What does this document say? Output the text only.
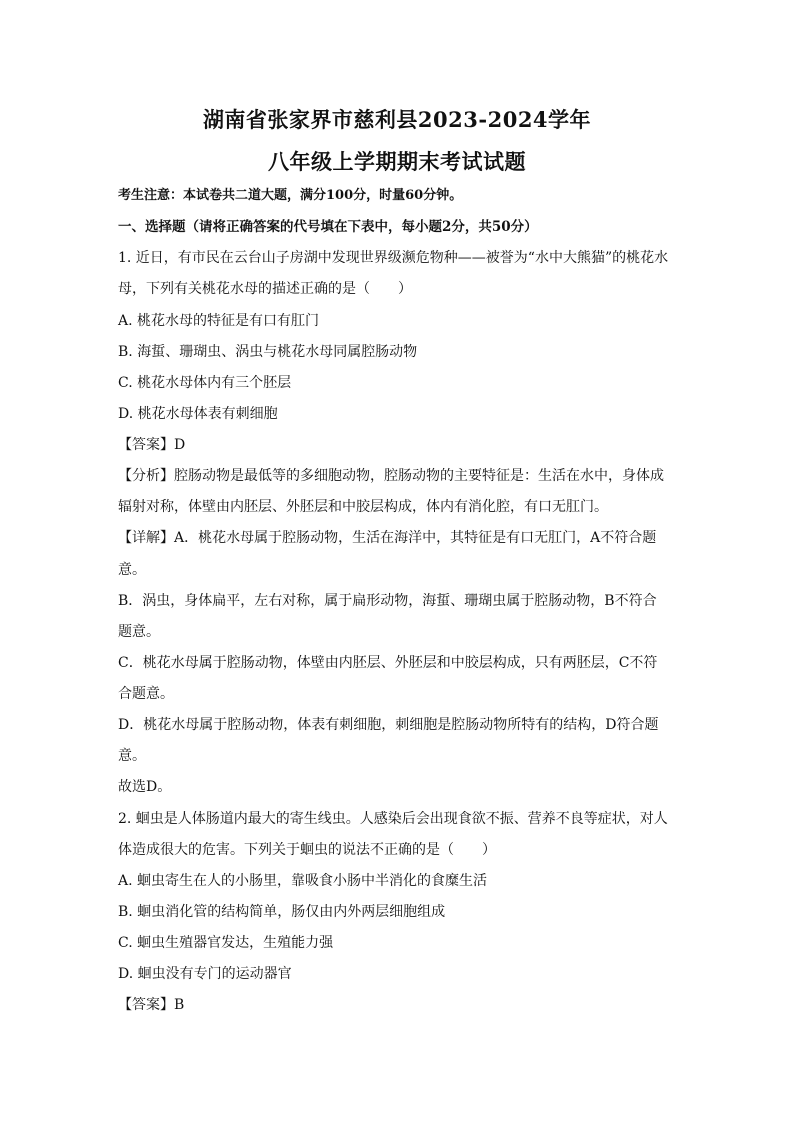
湖南省张家界市慈利县2023-2024学年
八年级上学期期末考试试题
考生注意：本试卷共二道大题，满分100分，时量60分钟。
一、选择题（请将正确答案的代号填在下表中，每小题2分，共50分）
1. 近日，有市民在云台山子房湖中发现世界级濒危物种——被誉为“水中大熊猫”的桃花水
母，下列有关桃花水母的描述正确的是（　　）
A. 桃花水母的特征是有口有肛门
B. 海蜇、珊瑚虫、涡虫与桃花水母同属腔肠动物
C. 桃花水母体内有三个胚层
D. 桃花水母体表有刺细胞
【答案】D
【分析】腔肠动物是最低等的多细胞动物，腔肠动物的主要特征是：生活在水中，身体成
辐射对称，体壁由内胚层、外胚层和中胶层构成，体内有消化腔，有口无肛门。
【详解】A．桃花水母属于腔肠动物，生活在海洋中，其特征是有口无肛门，A不符合题
意。
B．涡虫，身体扁平，左右对称，属于扁形动物，海蜇、珊瑚虫属于腔肠动物，B不符合
题意。
C．桃花水母属于腔肠动物，体壁由内胚层、外胚层和中胶层构成，只有两胚层，C不符
合题意。
D．桃花水母属于腔肠动物，体表有刺细胞，刺细胞是腔肠动物所特有的结构，D符合题
意。
故选D。
2. 蛔虫是人体肠道内最大的寄生线虫。人感染后会出现食欲不振、营养不良等症状，对人
体造成很大的危害。下列关于蛔虫的说法不正确的是（　　）
A. 蛔虫寄生在人的小肠里，靠吸食小肠中半消化的食糜生活
B. 蛔虫消化管的结构简单，肠仅由内外两层细胞组成
C. 蛔虫生殖器官发达，生殖能力强
D. 蛔虫没有专门的运动器官
【答案】B
